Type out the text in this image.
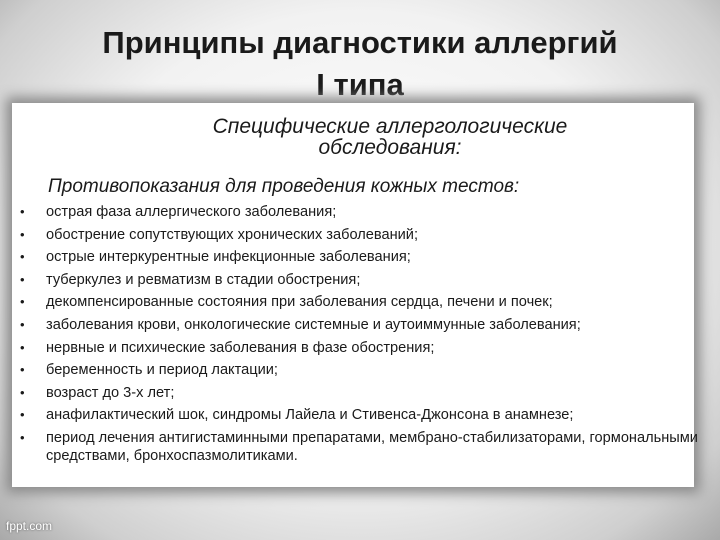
Принципы диагностики аллергий
I типа
Специфические аллергологические
обследования:
Противопоказания для проведения кожных тестов:
•	острая фаза аллергического заболевания;
•	обострение сопутствующих хронических заболеваний;
•	острые интеркурентные инфекционные заболевания;
•	туберкулез и ревматизм в стадии обострения;
•	декомпенсированные состояния при заболевания сердца, печени и почек;
•	заболевания крови, онкологические системные и аутоиммунные заболевания;
•	нервные и психические заболевания в фазе обострения;
•	беременность и период лактации;
•	возраст до 3-х лет;
•	анафилактический шок, синдромы Лайела и Стивенса-Джонсона в анамнезе;
•	период лечения антигистаминными препаратами, мембрано-стабилизаторами, гормональными средствами, бронхоспазмолитиками.
fppt.com
